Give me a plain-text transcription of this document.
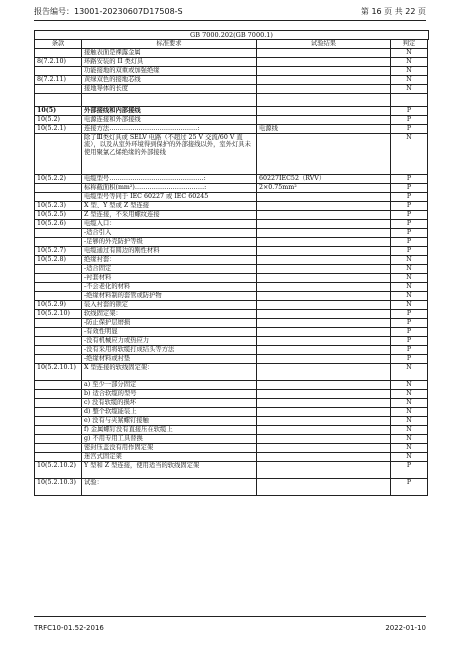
报告编号：13001-20230607D17508-S	第 16 页 共 22 页
GB 7000.202(GB 7000.1)
条款	标准要求	试验结果	判定
	接触表面是裸露金属		N
8(7.2.10)	环路安装的 II 类灯具		N
	功能接地的双重或加强绝缘		N
8(7.2.11)	黄绿双色的接地芯线		N
	接地导体的长度		N

10(5)	外部接线和内部接线		P
10(5.2)	电源连接和外部接线		P
10(5.2.1)	连接方法……………………………………:	电源线	P
	除了Ⅲ类灯具或 SELV 电路（不超过 25 V 交流/60 V 直流），以及从室外环境得到保护的外部接线以外，室外灯具未使用聚氯乙烯绝缘的外部接线		N
10(5.2.2)	电缆型号………………………………………:	60227IEC52（RVV）	P
	标称截面积(mm²)……………………………:	2×0.75mm²	P
	电缆型号等同于 IEC 60227 或 IEC 60245		P
10(5.2.3)	X 型、Y 型或 Z 型连接		P
10(5.2.5)	Z 型连接，不采用螺纹连接		P
10(5.2.6)	电缆入口：		P
	-适合引入		P
	-足够的外壳防护等级		P
10(5.2.7)	电缆通过有圆边的刚性材料		P
10(5.2.8)	绝缘衬套：		N
	-适合固定		N
	-衬套材料		N
	-不会老化的材料		N
	-绝缘材料制的套管或防护物		N
10(5.2.9)	装入衬套的锁定		N
10(5.2.10)	软线固定架：		P
	-防止保护层磨损		P
	-有效性明显		P
	-没有机械应力或热应力		P
	-没有采用将软缆打成结头等方法		P
	-绝缘材料或衬垫		P
10(5.2.10.1)	X 型连接的软线固定架：		N
	a) 至少一部分固定		N
	b) 适合软缆的型号		N
	c) 没有软缆的损坏		N
	d) 整个软缆能装上		N
	e) 没有与夹紧螺钉接触		N
	f) 金属螺钉没有直接压在软缆上		N
	g) 不用专用工具替换		N
	密封压盖没有用作固定架		N
	迷宫式固定架		N
10(5.2.10.2)	Y 型和 Z 型连接，使用适当的软线固定架		P
10(5.2.10.3)	试验：		P
TRFC10-01.52-2016	2022-01-10
